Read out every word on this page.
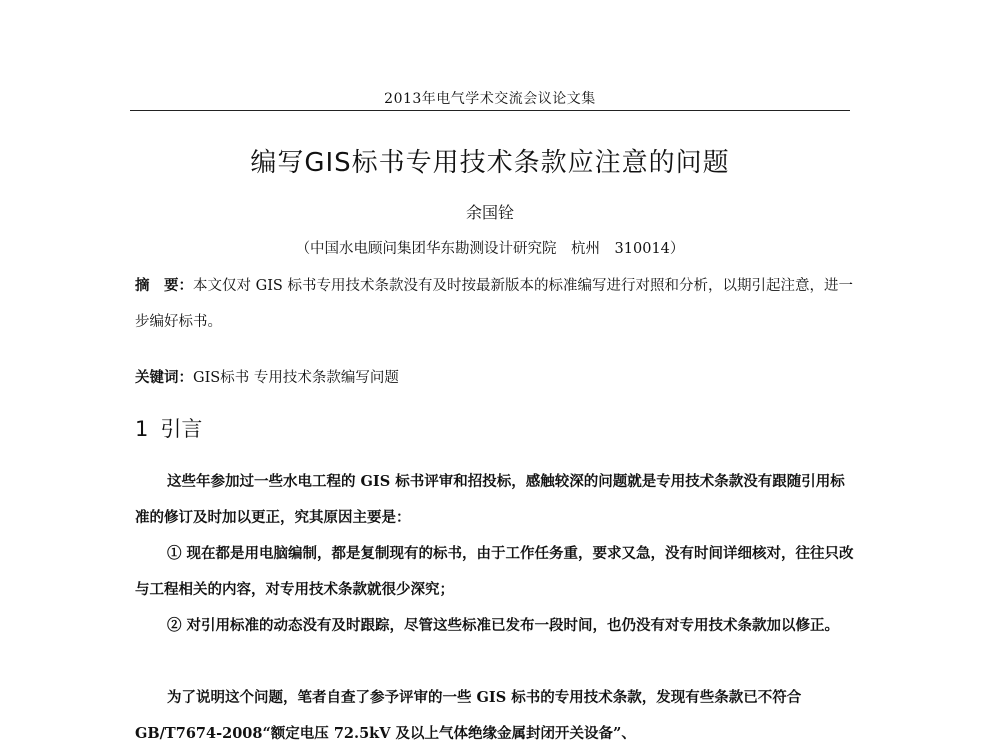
2013年电气学术交流会议论文集
编写GIS标书专用技术条款应注意的问题
余国铨
（中国水电顾问集团华东勘测设计研究院　杭州　310014）

摘　要：本文仅对 GIS 标书专用技术条款没有及时按最新版本的标准编写进行对照和分析，以期引起注意，进一步编好标书。

关键词：GIS标书 专用技术条款编写问题

1 引言

这些年参加过一些水电工程的 GIS 标书评审和招投标，感触较深的问题就是专用技术条款没有跟随引用标准的修订及时加以更正，究其原因主要是：

① 现在都是用电脑编制，都是复制现有的标书，由于工作任务重，要求又急，没有时间详细核对，往往只改与工程相关的内容，对专用技术条款就很少深究；

② 对引用标准的动态没有及时跟踪，尽管这些标准已发布一段时间，也仍没有对专用技术条款加以修正。

为了说明这个问题，笔者自查了参予评审的一些 GIS 标书的专用技术条款，发现有些条款已不符合 GB/T7674-2008“额定电压 72.5kV 及以上气体绝缘金属封闭开关设备”、
